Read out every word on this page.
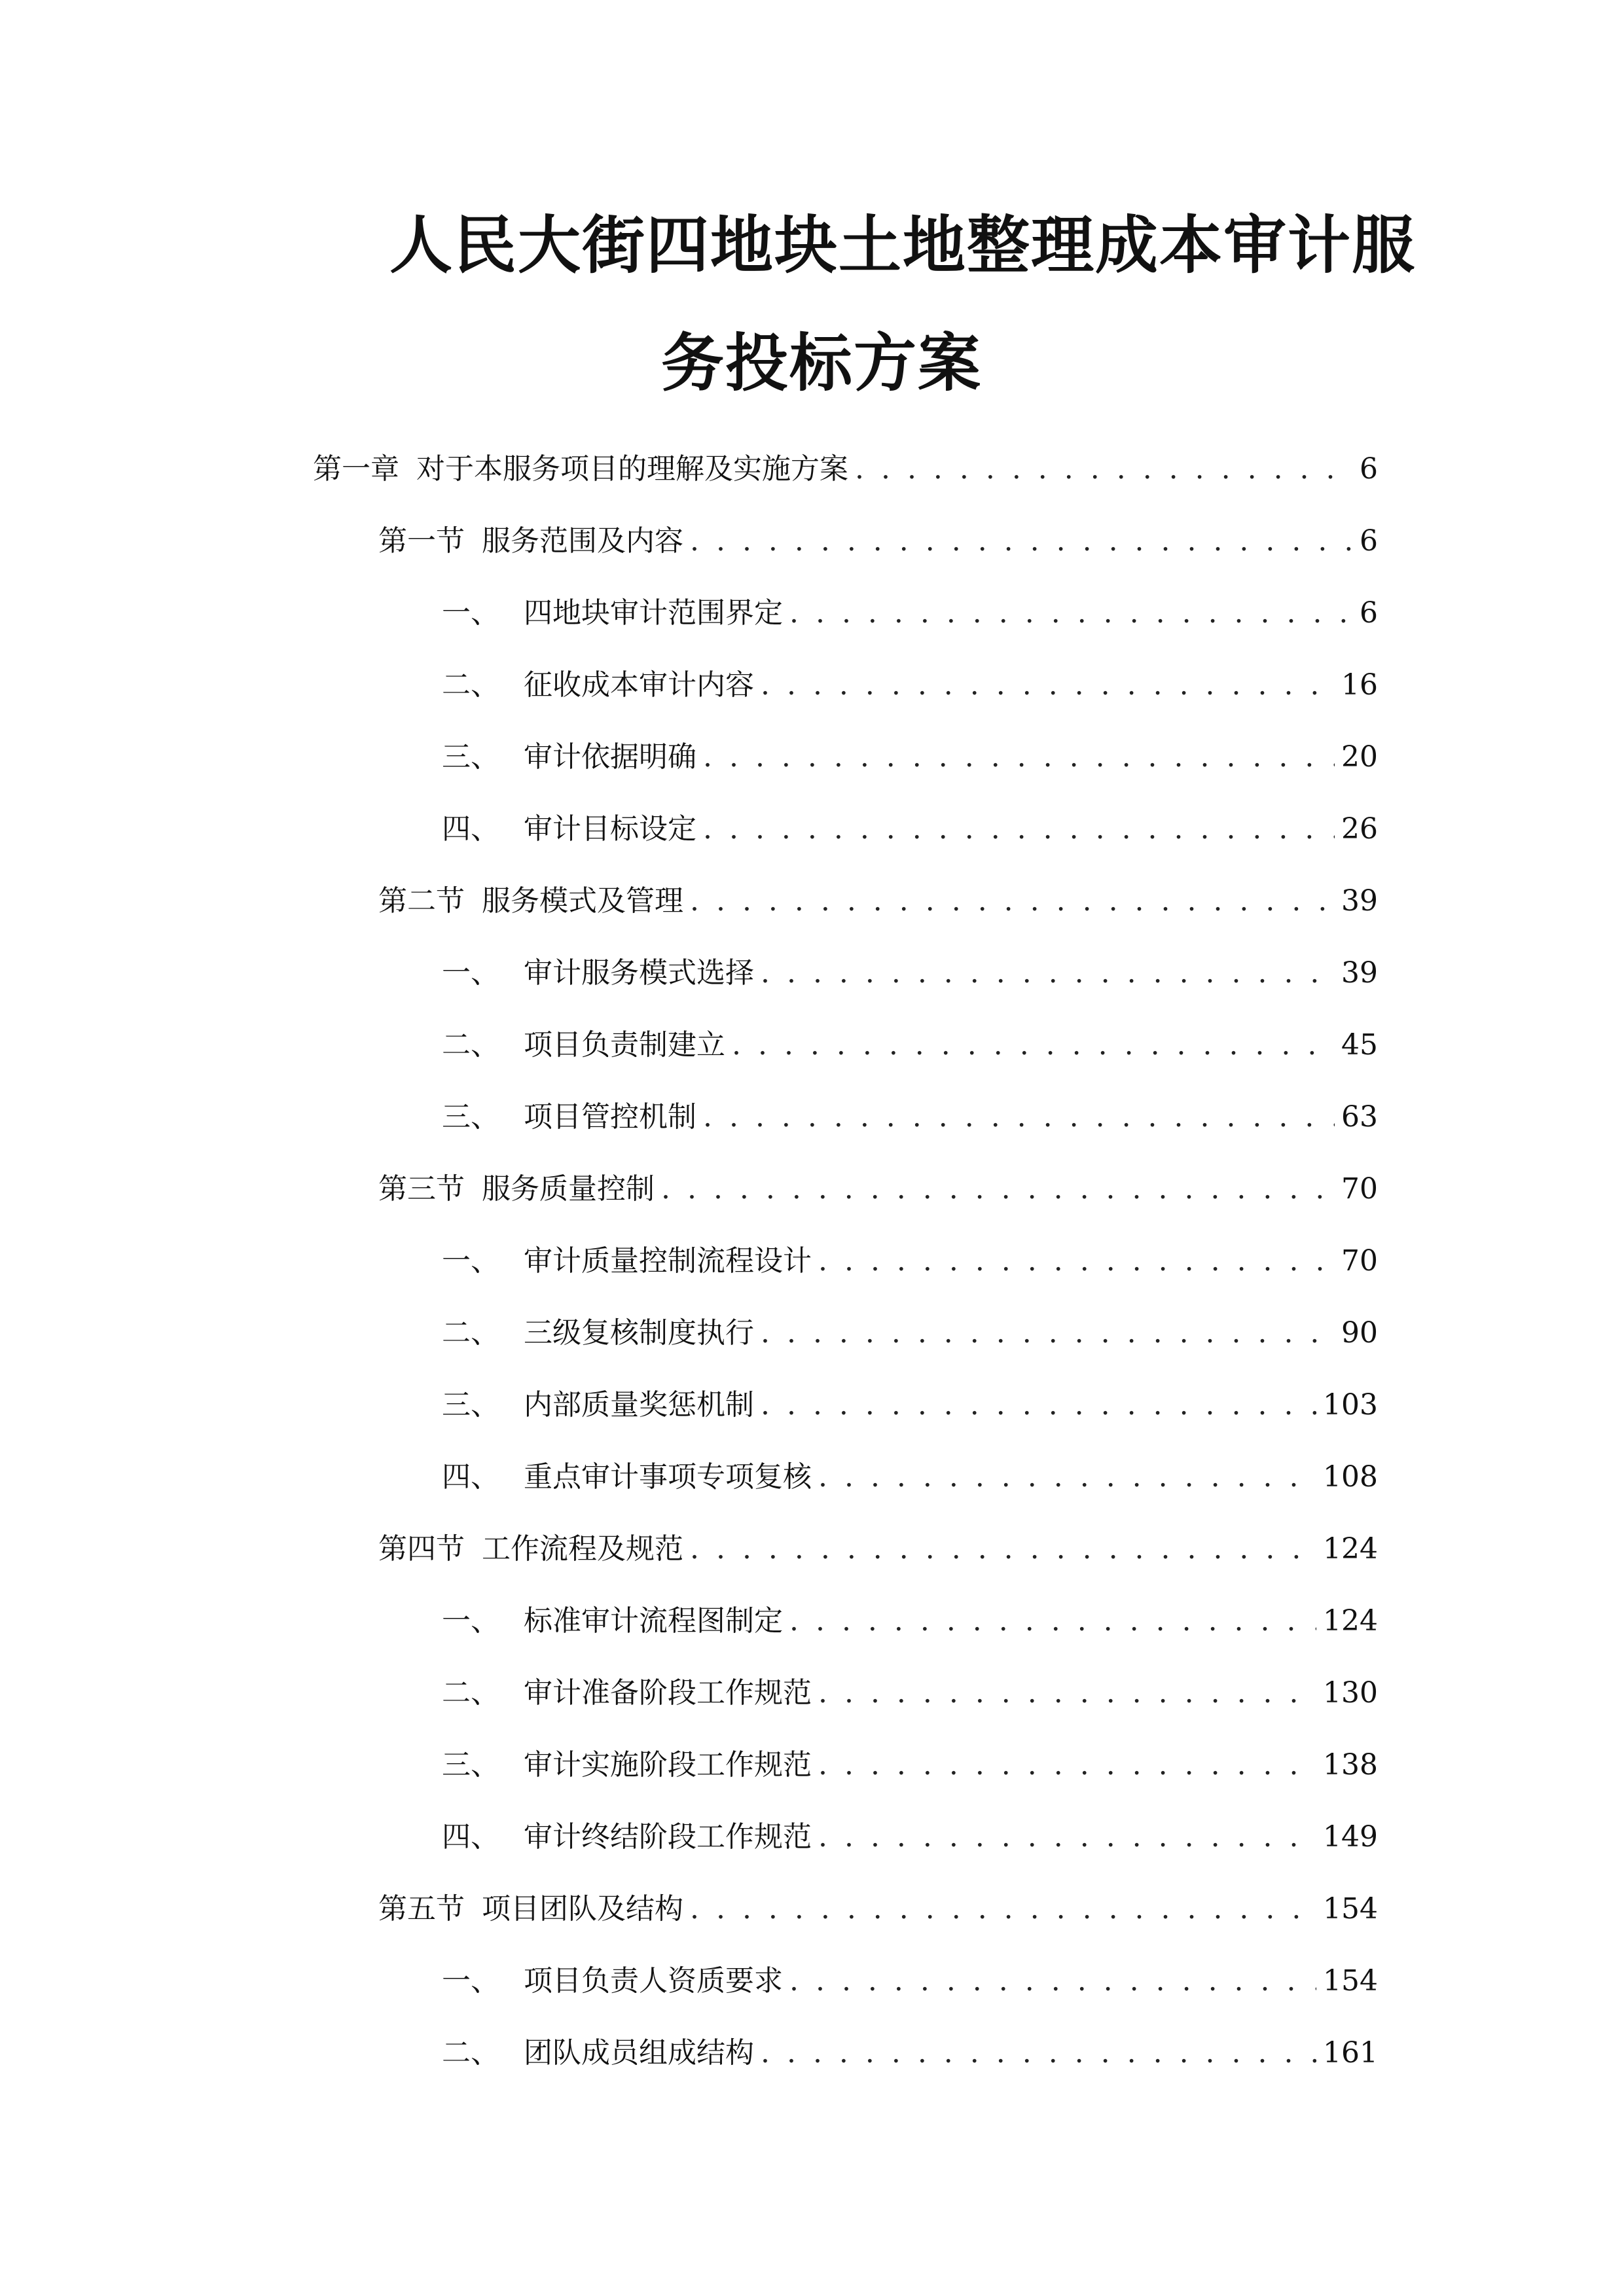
人民大街四地块土地整理成本审计服
务投标方案
第一章 对于本服务项目的理解及实施方案 . . .	6
第一节 服务范围及内容 . . .	6
一、 四地块审计范围界定 . . .	6
二、 征收成本审计内容 . . .	16
三、 审计依据明确 . . .	20
四、 审计目标设定 . . .	26
第二节 服务模式及管理 . . .	39
一、 审计服务模式选择 . . .	39
二、 项目负责制建立 . . .	45
三、 项目管控机制 . . .	63
第三节 服务质量控制 . . .	70
一、 审计质量控制流程设计 . . .	70
二、 三级复核制度执行 . . .	90
三、 内部质量奖惩机制 . . .	103
四、 重点审计事项专项复核 . . .	108
第四节 工作流程及规范 . . .	124
一、 标准审计流程图制定 . . .	124
二、 审计准备阶段工作规范 . . .	130
三、 审计实施阶段工作规范 . . .	138
四、 审计终结阶段工作规范 . . .	149
第五节 项目团队及结构 . . .	154
一、 项目负责人资质要求 . . .	154
二、 团队成员组成结构 . . .	161
